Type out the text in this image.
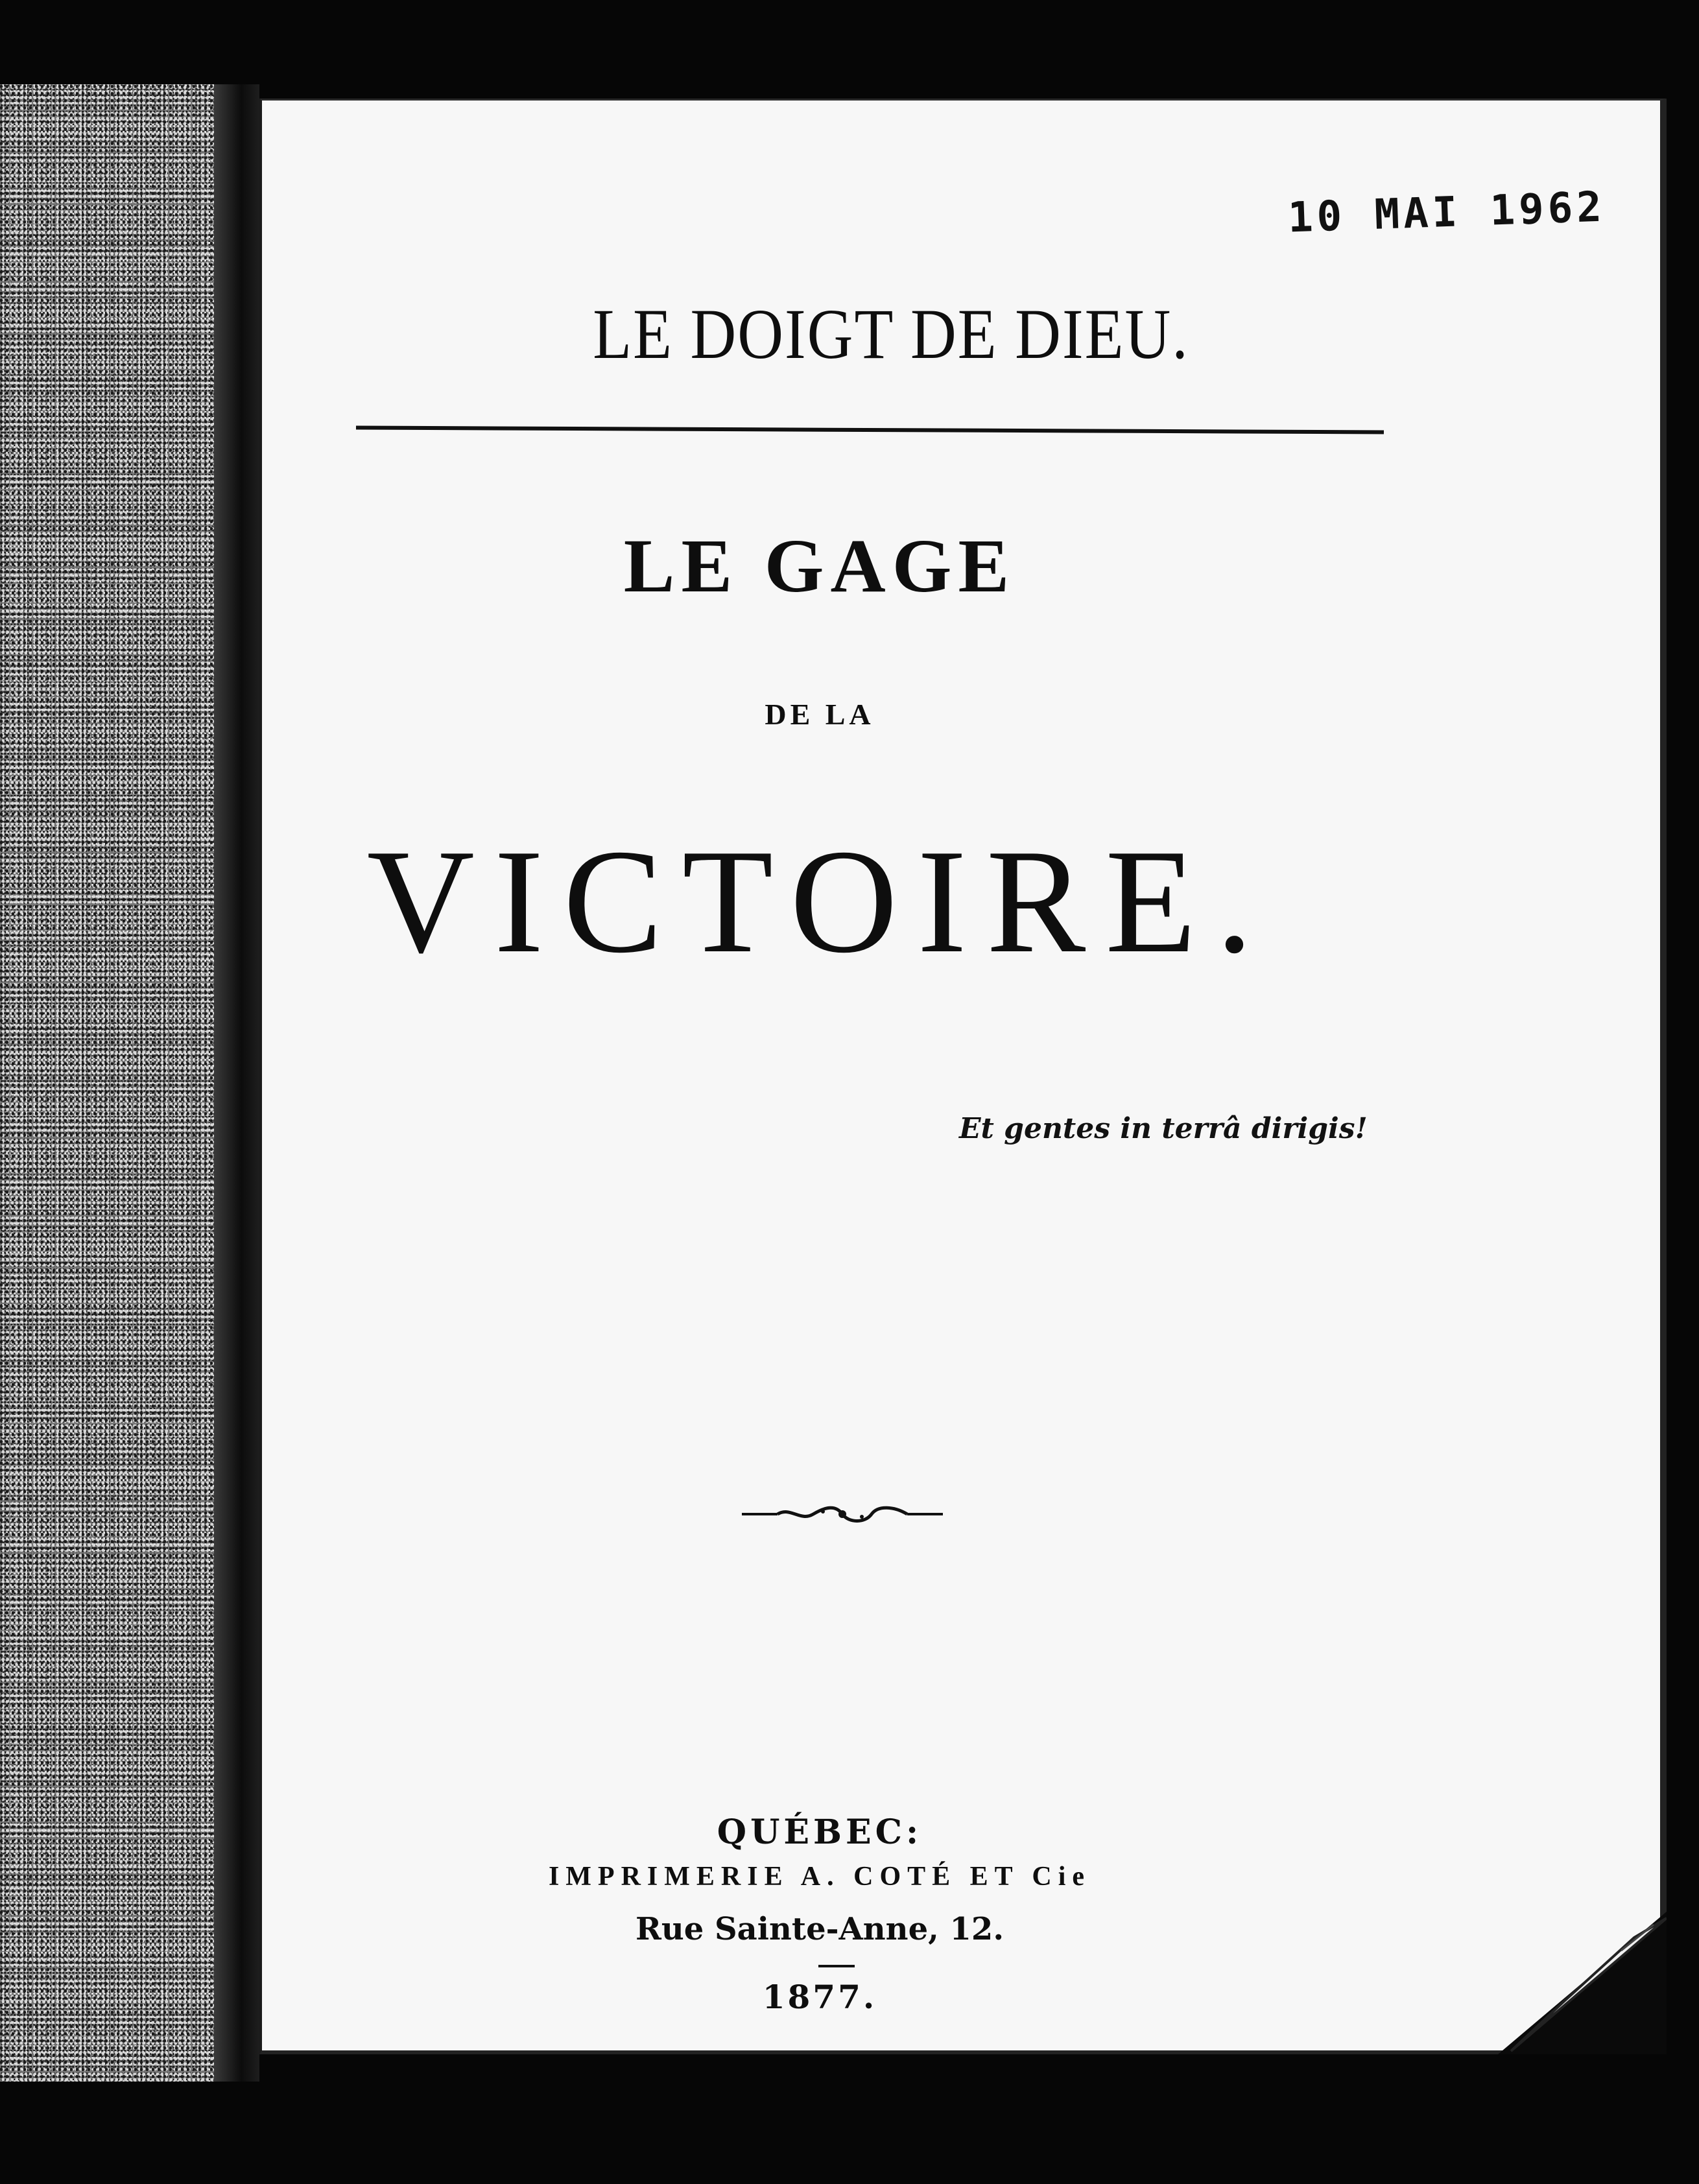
10 MAI 1962
LE DOIGT DE DIEU.
LE GAGE
DE LA
VICTOIRE.
Et gentes in terrâ dirigis!
QUÉBEC:
IMPRIMERIE A. COTÉ ET Cie
Rue Sainte-Anne, 12.
1877.
